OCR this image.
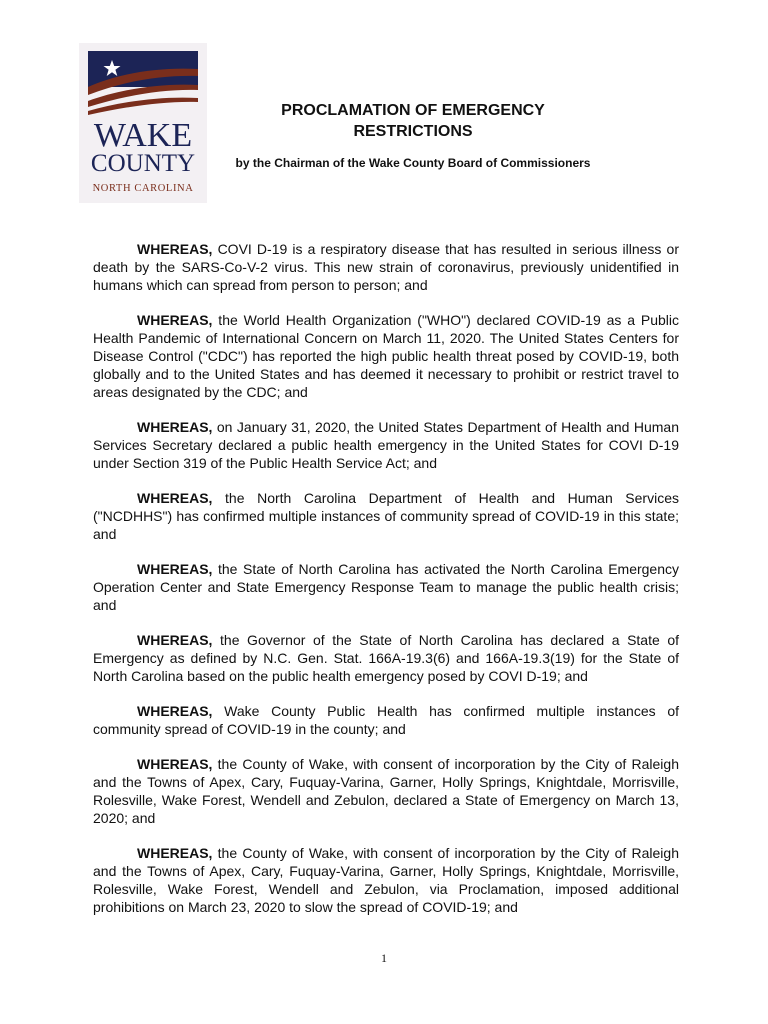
WAKE
COUNTY
NORTH CAROLINA
PROCLAMATION OF EMERGENCY RESTRICTIONS
by the Chairman of the Wake County Board of Commissioners

WHEREAS, COVI D-19 is a respiratory disease that has resulted in serious illness or death by the SARS-Co-V-2 virus. This new strain of coronavirus, previously unidentified in humans which can spread from person to person; and

WHEREAS, the World Health Organization ("WHO") declared COVID-19 as a Public Health Pandemic of International Concern on March 11, 2020. The United States Centers for Disease Control ("CDC") has reported the high public health threat posed by COVID-19, both globally and to the United States and has deemed it necessary to prohibit or restrict travel to areas designated by the CDC; and

WHEREAS, on January 31, 2020, the United States Department of Health and Human Services Secretary declared a public health emergency in the United States for COVI D-19 under Section 319 of the Public Health Service Act; and

WHEREAS, the North Carolina Department of Health and Human Services ("NCDHHS") has confirmed multiple instances of community spread of COVID-19 in this state; and

WHEREAS, the State of North Carolina has activated the North Carolina Emergency Operation Center and State Emergency Response Team to manage the public health crisis; and

WHEREAS, the Governor of the State of North Carolina has declared a State of Emergency as defined by N.C. Gen. Stat. 166A-19.3(6) and 166A-19.3(19) for the State of North Carolina based on the public health emergency posed by COVI D-19; and

WHEREAS, Wake County Public Health has confirmed multiple instances of community spread of COVID-19 in the county; and

WHEREAS, the County of Wake, with consent of incorporation by the City of Raleigh and the Towns of Apex, Cary, Fuquay-Varina, Garner, Holly Springs, Knightdale, Morrisville, Rolesville, Wake Forest, Wendell and Zebulon, declared a State of Emergency on March 13, 2020; and

WHEREAS, the County of Wake, with consent of incorporation by the City of Raleigh and the Towns of Apex, Cary, Fuquay-Varina, Garner, Holly Springs, Knightdale, Morrisville, Rolesville, Wake Forest, Wendell and Zebulon, via Proclamation, imposed additional prohibitions on March 23, 2020 to slow the spread of COVID-19; and

1
